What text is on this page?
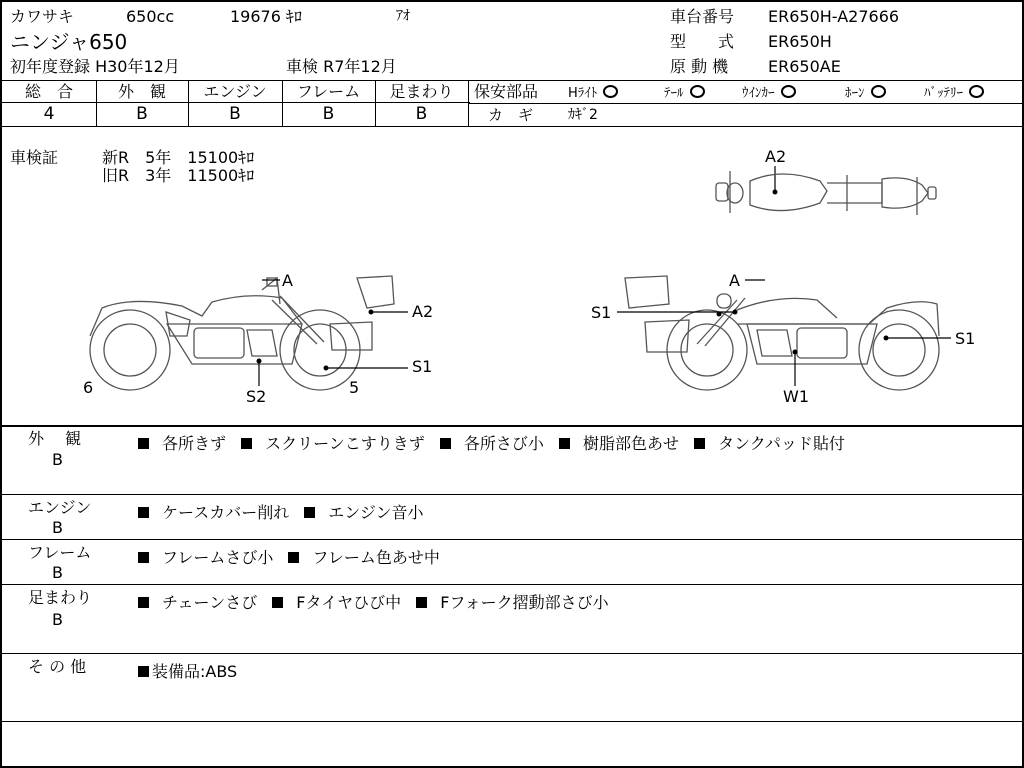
カワサキ	650cc	19676 ｷﾛ	ｱｵ
ニンジャ650
初年度登録 H30年12月	車検 R7年12月
車台番号 ER650H-A27666
型　　式 ER650H
原 動 機 ER650AE
総　合	外　観	エンジン	フレーム	足まわり
4	B	B	B	B
保安部品 Hﾗｲﾄ	ﾃｰﾙ	ｳｲﾝｶｰ	ﾎｰﾝ	ﾊﾞｯﾃﾘｰ
カ　ギ ｶｷﾞ2
車検証	新R　5年　15100ｷﾛ
旧R　3年　11500ｷﾛ
A2
A
A2
S1
S2
6	5
A
S1
S1
W1
外　 観
B
各所きず スクリーンこすりきず 各所さび小 樹脂部色あせ タンクパッド貼付
エンジン
B
ケースカバー削れ エンジン音小
フレーム
B
フレームさび小 フレーム色あせ中
足まわり
B
チェーンさび Fタイヤひび中 Fフォーク摺動部さび小
そ の 他	装備品:ABS
